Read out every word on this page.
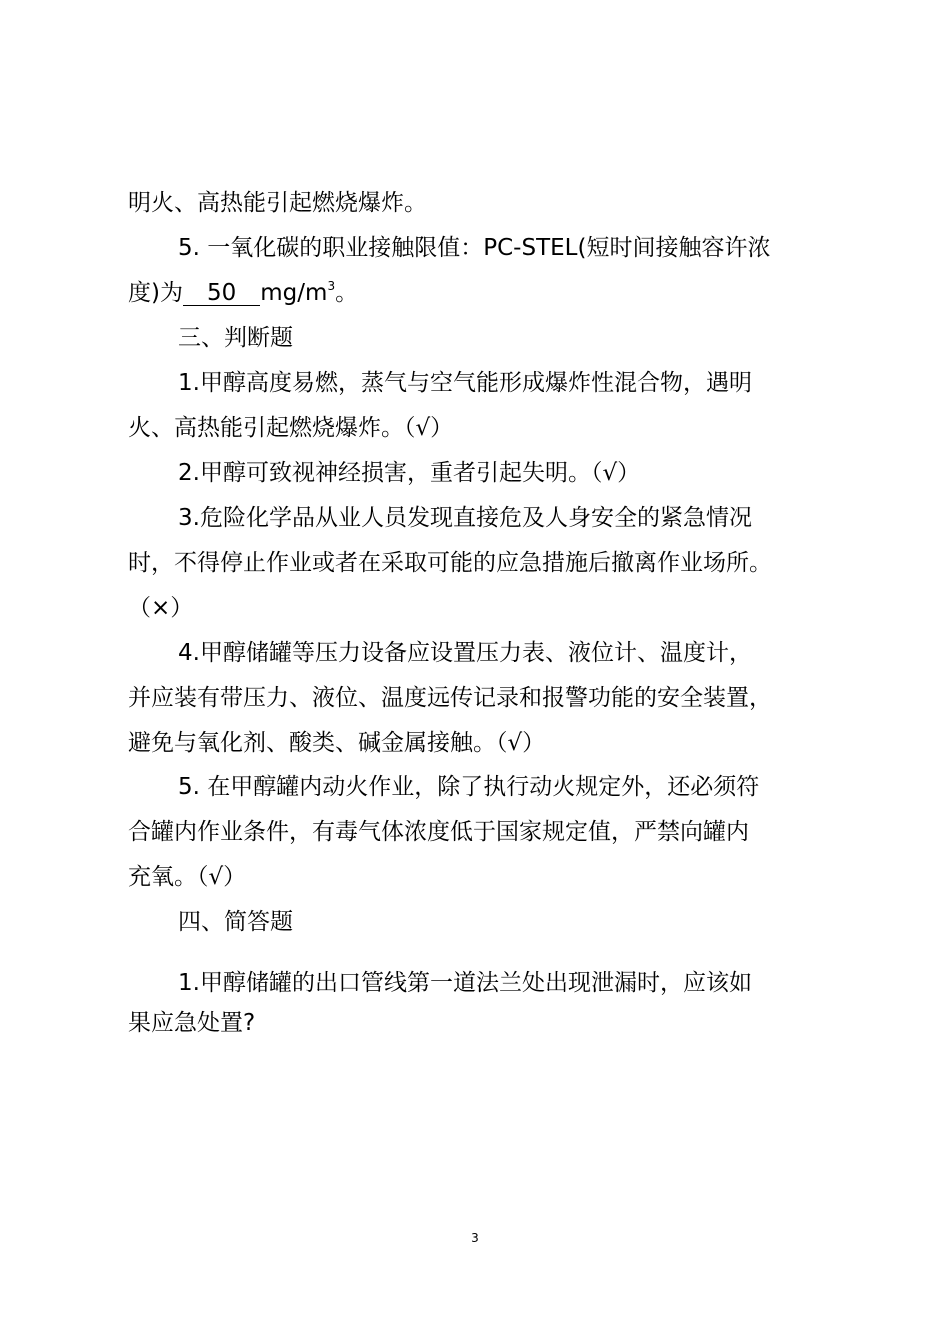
明火、高热能引起燃烧爆炸。

5. 一氧化碳的职业接触限值：PC-STEL(短时间接触容许浓

度)为 50 $mg/m^3$。

三、判断题

1.甲醇高度易燃，蒸气与空气能形成爆炸性混合物，遇明

火、高热能引起燃烧爆炸。（√）

2.甲醇可致视神经损害，重者引起失明。（√）

3.危险化学品从业人员发现直接危及人身安全的紧急情况

时，不得停止作业或者在采取可能的应急措施后撤离作业场所。

（×）

4.甲醇储罐等压力设备应设置压力表、液位计、温度计，

并应装有带压力、液位、温度远传记录和报警功能的安全装置，

避免与氧化剂、酸类、碱金属接触。（√）

5. 在甲醇罐内动火作业，除了执行动火规定外，还必须符

合罐内作业条件，有毒气体浓度低于国家规定值，严禁向罐内

充氧。（√）

四、简答题

1.甲醇储罐的出口管线第一道法兰处出现泄漏时，应该如

果应急处置?

3
